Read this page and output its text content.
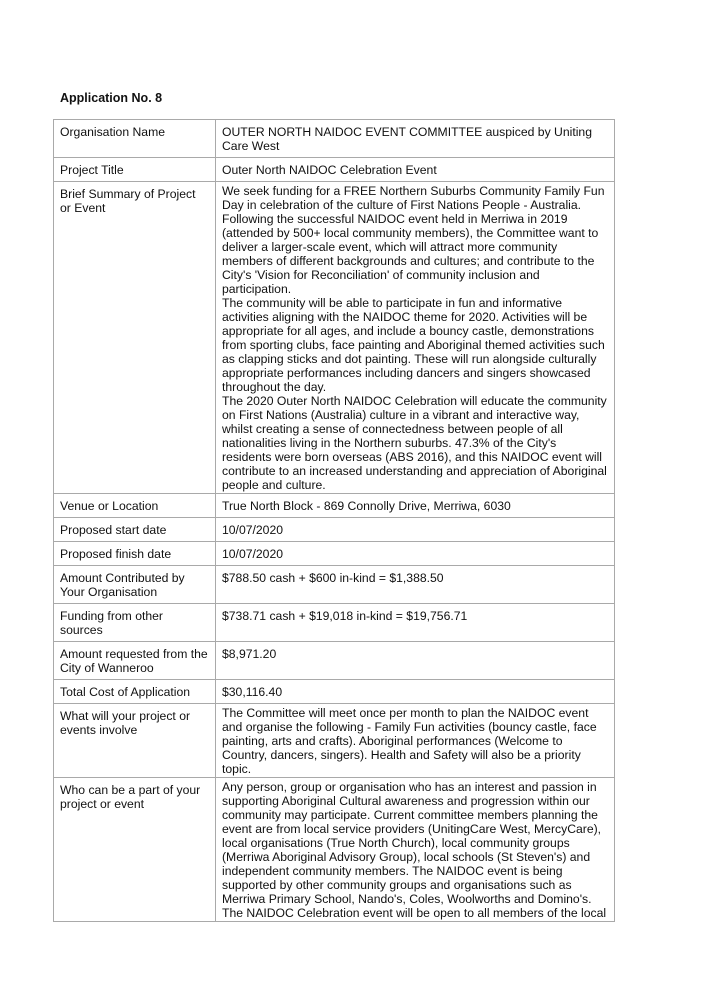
Application No. 8
Organisation Name	OUTER NORTH NAIDOC EVENT COMMITTEE auspiced by Uniting Care West

Project Title	Outer North NAIDOC Celebration Event

Brief Summary of Project or Event	We seek funding for a FREE Northern Suburbs Community Family Fun Day in celebration of the culture of First Nations People - Australia. Following the successful NAIDOC event held in Merriwa in 2019 (attended by 500+ local community members), the Committee want to deliver a larger-scale event, which will attract more community members of different backgrounds and cultures; and contribute to the City's 'Vision for Reconciliation' of community inclusion and participation.
The community will be able to participate in fun and informative activities aligning with the NAIDOC theme for 2020. Activities will be appropriate for all ages, and include a bouncy castle, demonstrations from sporting clubs, face painting and Aboriginal themed activities such as clapping sticks and dot painting. These will run alongside culturally appropriate performances including dancers and singers showcased throughout the day.
The 2020 Outer North NAIDOC Celebration will educate the community on First Nations (Australia) culture in a vibrant and interactive way, whilst creating a sense of connectedness between people of all nationalities living in the Northern suburbs. 47.3% of the City's residents were born overseas (ABS 2016), and this NAIDOC event will contribute to an increased understanding and appreciation of Aboriginal people and culture.

Venue or Location	True North Block - 869 Connolly Drive, Merriwa, 6030

Proposed start date	10/07/2020

Proposed finish date	10/07/2020

Amount Contributed by Your Organisation	$788.50 cash + $600 in-kind = $1,388.50

Funding from other sources	$738.71 cash + $19,018 in-kind = $19,756.71

Amount requested from the City of Wanneroo	$8,971.20

Total Cost of Application	$30,116.40

What will your project or events involve	The Committee will meet once per month to plan the NAIDOC event and organise the following - Family Fun activities (bouncy castle, face painting, arts and crafts). Aboriginal performances (Welcome to Country, dancers, singers). Health and Safety will also be a priority topic.

Who can be a part of your project or event	Any person, group or organisation who has an interest and passion in supporting Aboriginal Cultural awareness and progression within our community may participate. Current committee members planning the event are from local service providers (UnitingCare West, MercyCare), local organisations (True North Church), local community groups (Merriwa Aboriginal Advisory Group), local schools (St Steven's) and independent community members. The NAIDOC event is being supported by other community groups and organisations such as Merriwa Primary School, Nando's, Coles, Woolworths and Domino's. The NAIDOC Celebration event will be open to all members of the local
